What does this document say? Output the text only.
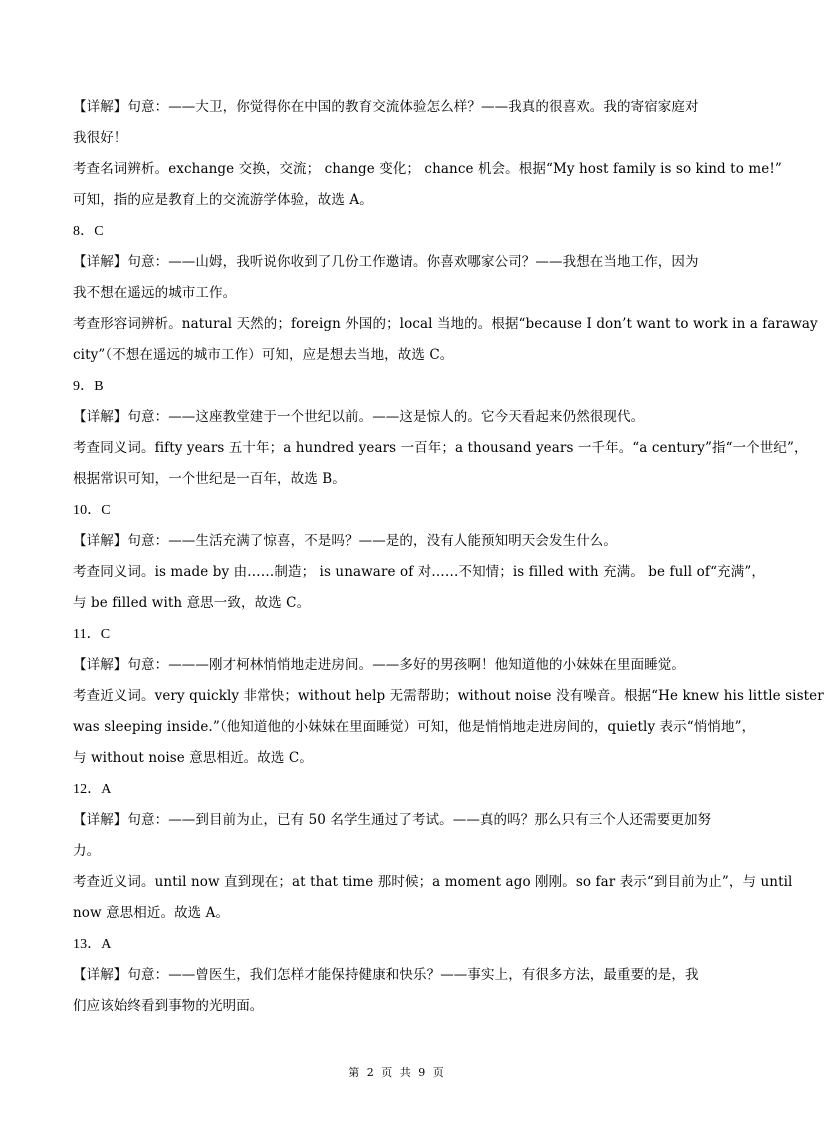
【详解】句意：——大卫，你觉得你在中国的教育交流体验怎么样？——我真的很喜欢。我的寄宿家庭对
我很好！
考查名词辨析。exchange 交换，交流； change 变化； chance 机会。根据“My host family is so kind to me!”
可知，指的应是教育上的交流游学体验，故选 A。
8．C
【详解】句意：——山姆，我听说你收到了几份工作邀请。你喜欢哪家公司？——我想在当地工作，因为
我不想在遥远的城市工作。
考查形容词辨析。natural 天然的；foreign 外国的；local 当地的。根据“because I don’t want to work in a faraway
city”（不想在遥远的城市工作）可知，应是想去当地，故选 C。
9．B
【详解】句意：——这座教堂建于一个世纪以前。——这是惊人的。它今天看起来仍然很现代。
考查同义词。fifty years 五十年；a hundred years 一百年；a thousand years 一千年。“a century”指“一个世纪”，
根据常识可知，一个世纪是一百年，故选 B。
10．C
【详解】句意：——生活充满了惊喜，不是吗？——是的，没有人能预知明天会发生什么。
考查同义词。is made by 由……制造； is unaware of 对……不知情；is filled with 充满。 be full of“充满”，
与 be filled with 意思一致，故选 C。
11．C
【详解】句意：———刚才柯林悄悄地走进房间。——多好的男孩啊！他知道他的小妹妹在里面睡觉。
考查近义词。very quickly 非常快；without help 无需帮助；without noise 没有噪音。根据“He knew his little sister
was sleeping inside.”（他知道他的小妹妹在里面睡觉）可知，他是悄悄地走进房间的，quietly 表示“悄悄地”，
与 without noise 意思相近。故选 C。
12．A
【详解】句意：——到目前为止，已有 50 名学生通过了考试。——真的吗？那么只有三个人还需要更加努
力。
考查近义词。until now 直到现在；at that time 那时候；a moment ago 刚刚。so far 表示“到目前为止”，与 until
now 意思相近。故选 A。
13．A
【详解】句意：——曾医生，我们怎样才能保持健康和快乐？——事实上，有很多方法，最重要的是，我
们应该始终看到事物的光明面。
第 2 页 共 9 页
